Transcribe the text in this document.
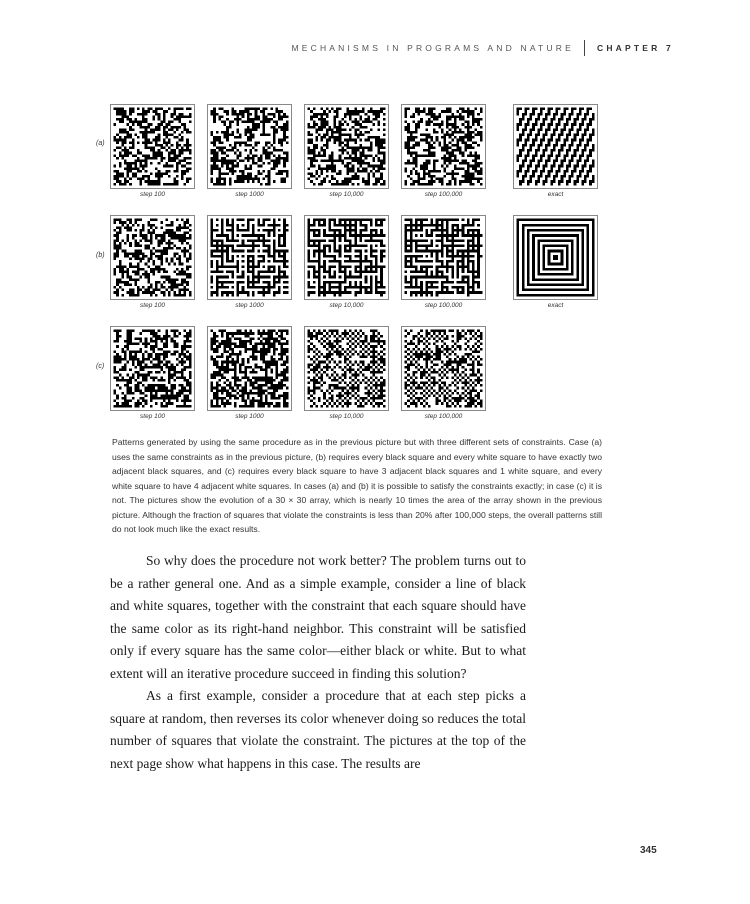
MECHANISMS IN PROGRAMS AND NATURE	CHAPTER 7
(a)
step 100	step 1000	step 10,000	step 100,000	exact
(b)
step 100	step 1000	step 10,000	step 100,000	exact
(c)
step 100	step 1000	step 10,000	step 100,000

Patterns generated by using the same procedure as in the previous picture but with three different sets of constraints. Case (a) uses the same constraints as in the previous picture, (b) requires every black square and every white square to have exactly two adjacent black squares, and (c) requires every black square to have 3 adjacent black squares and 1 white square, and every white square to have 4 adjacent white squares. In cases (a) and (b) it is possible to satisfy the constraints exactly; in case (c) it is not. The pictures show the evolution of a 30 × 30 array, which is nearly 10 times the area of the array shown in the previous picture. Although the fraction of squares that violate the constraints is less than 20% after 100,000 steps, the overall patterns still do not look much like the exact results.

So why does the procedure not work better? The problem turns out to be a rather general one. And as a simple example, consider a line of black and white squares, together with the constraint that each square should have the same color as its right-hand neighbor. This constraint will be satisfied only if every square has the same color—either black or white. But to what extent will an iterative procedure succeed in finding this solution?

As a first example, consider a procedure that at each step picks a square at random, then reverses its color whenever doing so reduces the total number of squares that violate the constraint. The pictures at the top of the next page show what happens in this case. The results are

345
